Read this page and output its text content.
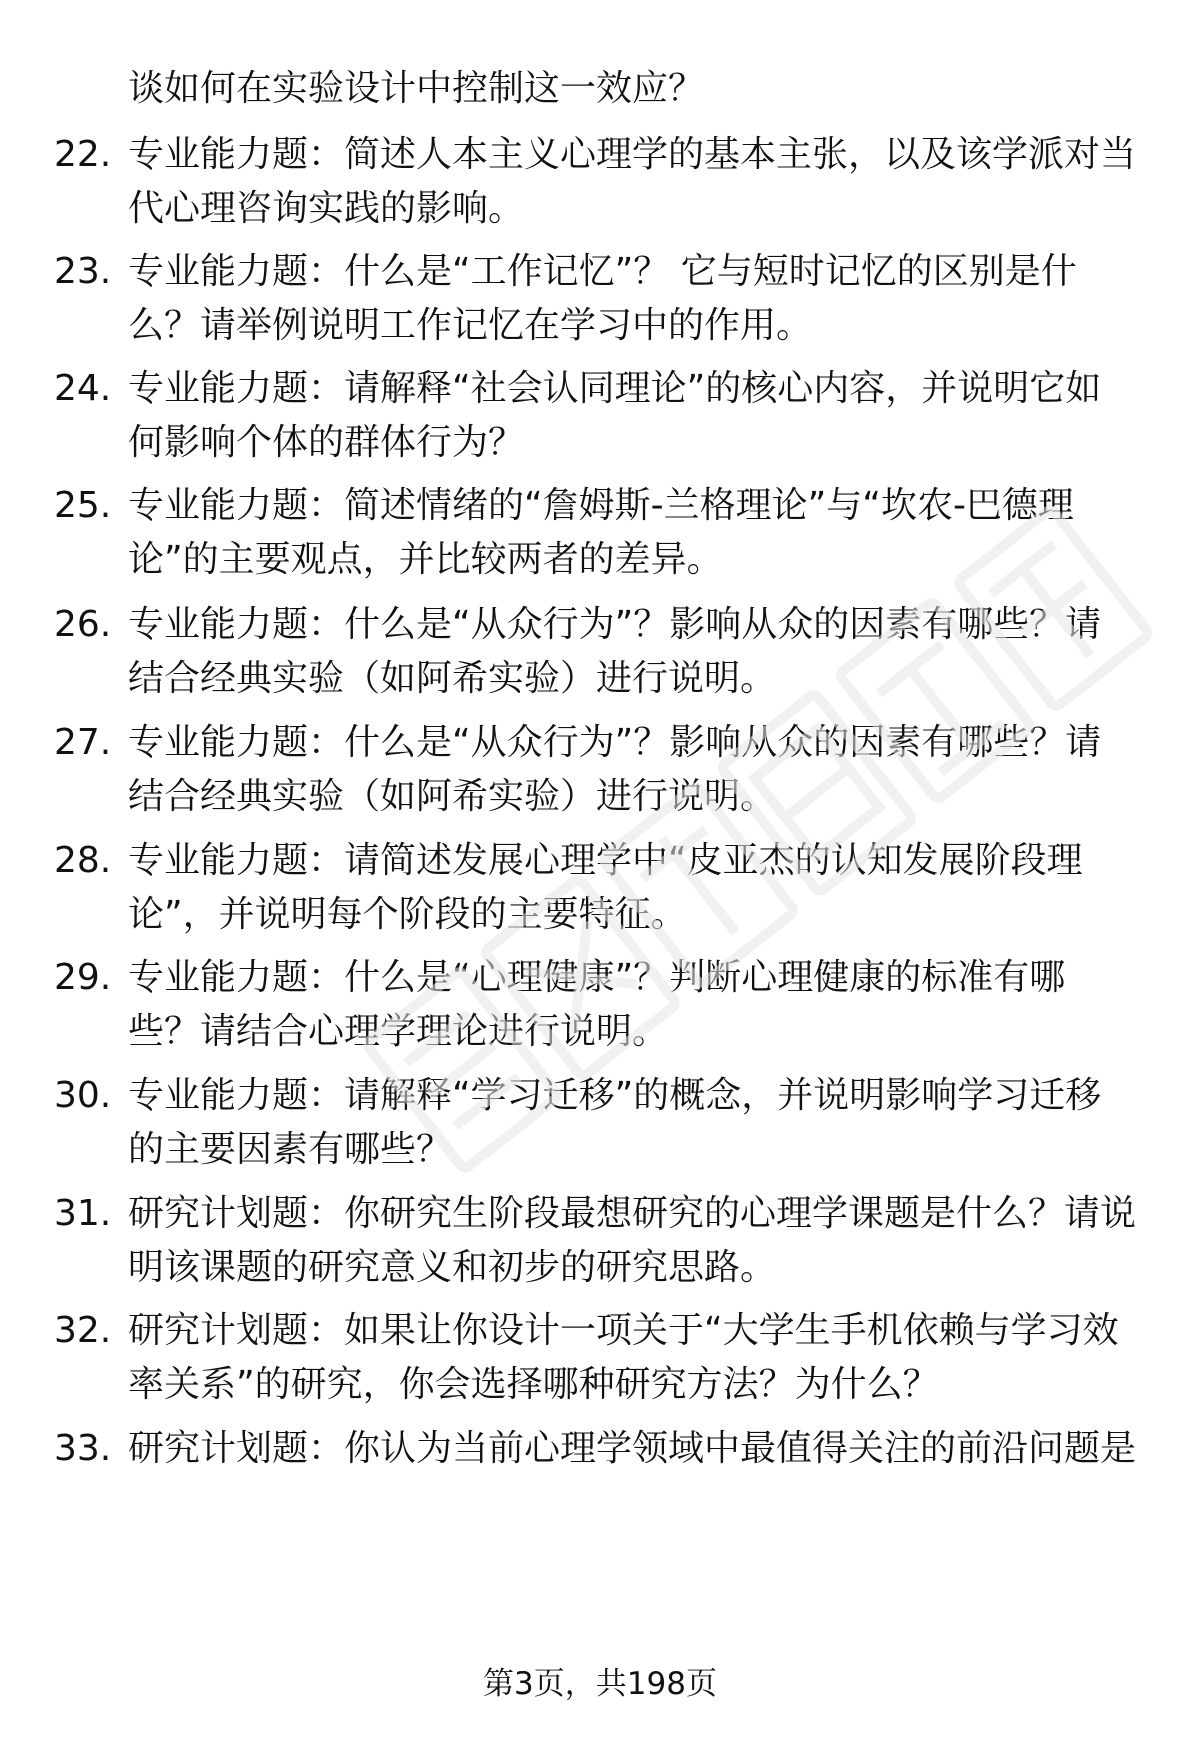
谈如何在实验设计中控制这一效应？
22. 专业能力题：简述人本主义心理学的基本主张，以及该学派对当
代心理咨询实践的影响。
23. 专业能力题：什么是“工作记忆”？ 它与短时记忆的区别是什
么？请举例说明工作记忆在学习中的作用。
24. 专业能力题：请解释“社会认同理论”的核心内容，并说明它如
何影响个体的群体行为？
25. 专业能力题：简述情绪的“詹姆斯-兰格理论”与“坎农-巴德理
论”的主要观点，并比较两者的差异。
26. 专业能力题：什么是“从众行为”？影响从众的因素有哪些？请
结合经典实验（如阿希实验）进行说明。
27. 专业能力题：什么是“从众行为”？影响从众的因素有哪些？请
结合经典实验（如阿希实验）进行说明。
28. 专业能力题：请简述发展心理学中“皮亚杰的认知发展阶段理
论”，并说明每个阶段的主要特征。
29. 专业能力题：什么是“心理健康”？判断心理健康的标准有哪
些？请结合心理学理论进行说明。
30. 专业能力题：请解释“学习迁移”的概念，并说明影响学习迁移
的主要因素有哪些？
31. 研究计划题：你研究生阶段最想研究的心理学课题是什么？请说
明该课题的研究意义和初步的研究思路。
32. 研究计划题：如果让你设计一项关于“大学生手机依赖与学习效
率关系”的研究，你会选择哪种研究方法？为什么？
33. 研究计划题：你认为当前心理学领域中最值得关注的前沿问题是
第3页，共198页
